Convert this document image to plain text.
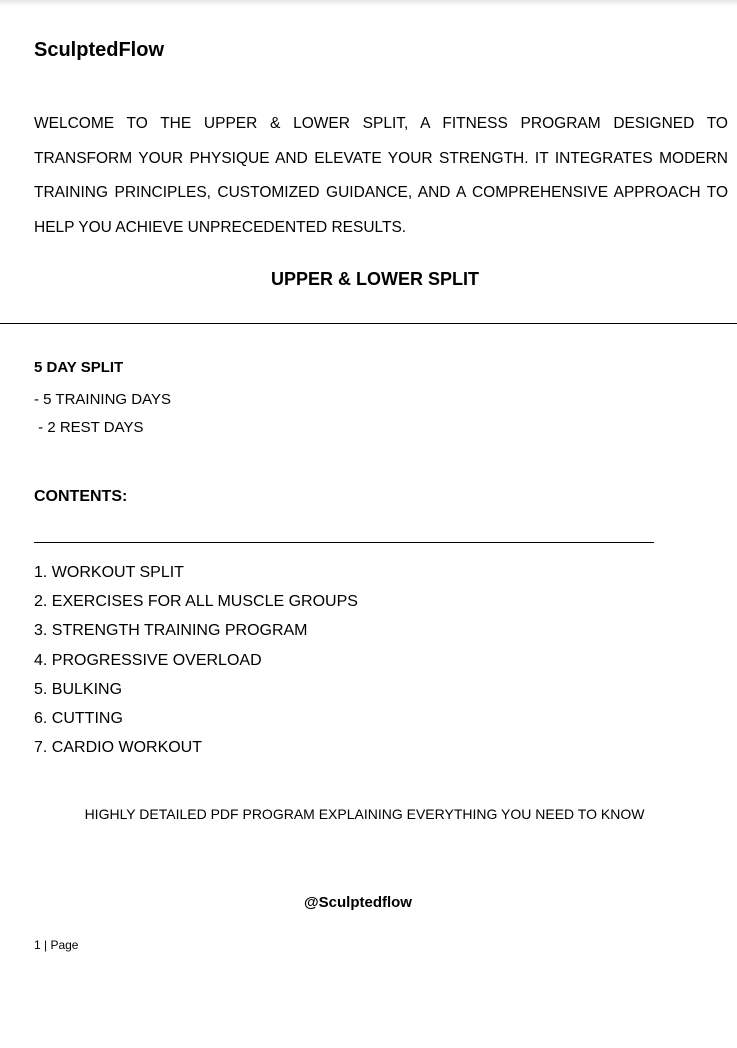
SculptedFlow
WELCOME TO THE UPPER & LOWER SPLIT, A FITNESS PROGRAM DESIGNED TO TRANSFORM YOUR PHYSIQUE AND ELEVATE YOUR STRENGTH. IT INTEGRATES MODERN TRAINING PRINCIPLES, CUSTOMIZED GUIDANCE, AND A COMPREHENSIVE APPROACH TO HELP YOU ACHIEVE UNPRECEDENTED RESULTS.
UPPER & LOWER SPLIT
5 DAY SPLIT
- 5 TRAINING DAYS
- 2 REST DAYS
CONTENTS:
1. WORKOUT SPLIT
2. EXERCISES FOR ALL MUSCLE GROUPS
3. STRENGTH TRAINING PROGRAM
4. PROGRESSIVE OVERLOAD
5. BULKING
6. CUTTING
7. CARDIO WORKOUT
HIGHLY DETAILED PDF PROGRAM EXPLAINING EVERYTHING YOU NEED TO KNOW
@Sculptedflow
1 | Page
